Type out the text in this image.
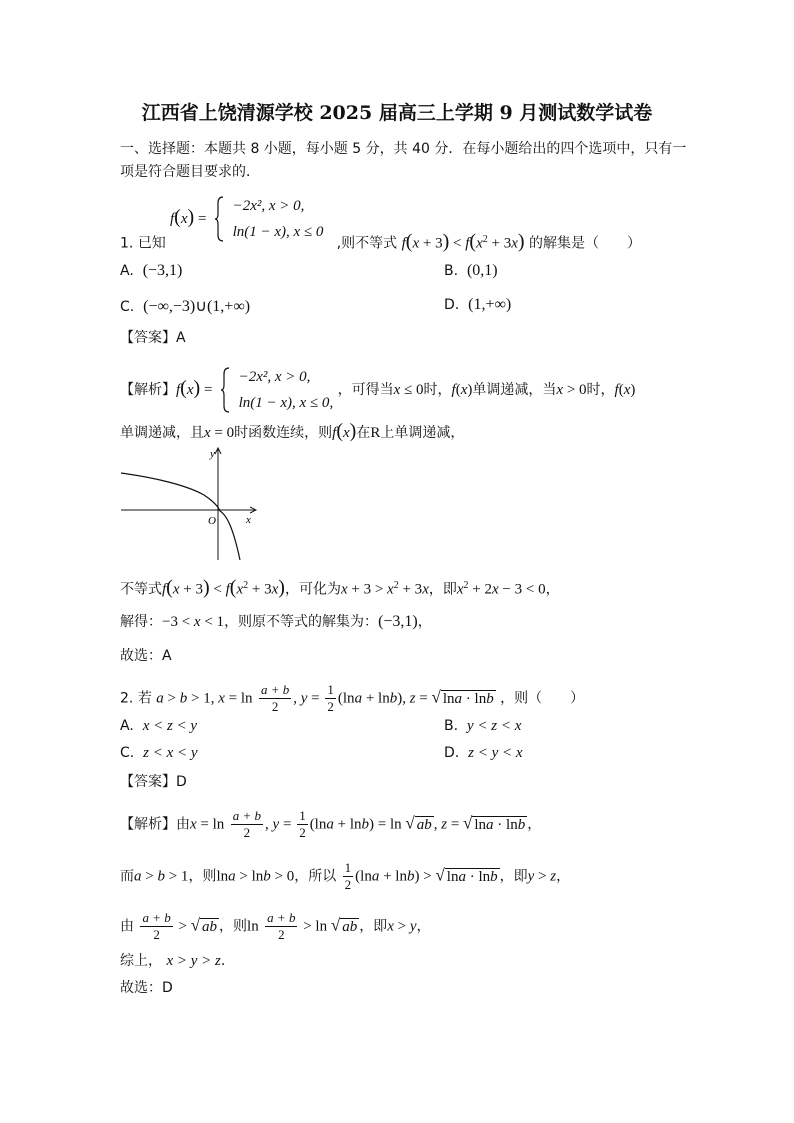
江西省上饶清源学校 2025 届高三上学期 9 月测试数学试卷
一、选择题：本题共 8 小题，每小题 5 分，共 40 分．在每小题给出的四个选项中，只有一
项是符合题目要求的．
f(x) =
−2x², x > 0,
ln(1 − x), x ≤ 0
1. 已知	,则不等式 $f(x + 3) < f(x^2 + 3x)$ 的解集是（　　）
A. (−3,1)	B. (0,1)
C. (−∞,−3)∪(1,+∞)	D. (1,+∞)
【答案】A
【解析】f(x) =
−2x², x > 0,
ln(1 − x), x ≤ 0,
，可得当x ≤ 0时，f(x)单调递减，当x > 0时，f(x)
单调递减，且x = 0时函数连续，则f(x)在R上单调递减，
y
x
O
不等式$f(x + 3) < f(x^2 + 3x)$，可化为$x + 3 > x^2 + 3x$，即$x^2 + 2x - 3 < 0$，
解得：−3 < x < 1，则原不等式的解集为：(−3,1)，
故选：A
2. 若 a > b > 1, $x = \ln \frac{a + b}{2}$ , $y = \frac{1}{2} (\ln a + \ln b)$, z = √ lna · lnb ，则（　　）
A. x < z < y	B. y < z < x
C. z < x < y	D. z < y < x
【答案】D
【解析】由$x = \ln \frac{a + b}{2}$ , $y = \frac{1}{2} (\ln a + \ln b) = \ln$ √ ab , z = √ lna · lnb ，
而a > b > 1，则lna > lnb > 0，所以 $\frac{1}{2} (\ln a + \ln b)$ > √ lna · lnb ，即y > z，
由 $\frac{a + b}{2}$ > √ ab ，则$\ln \frac{a + b}{2} > \ln$ √ ab ，即x > y，
综上， x > y > z.
故选：D
